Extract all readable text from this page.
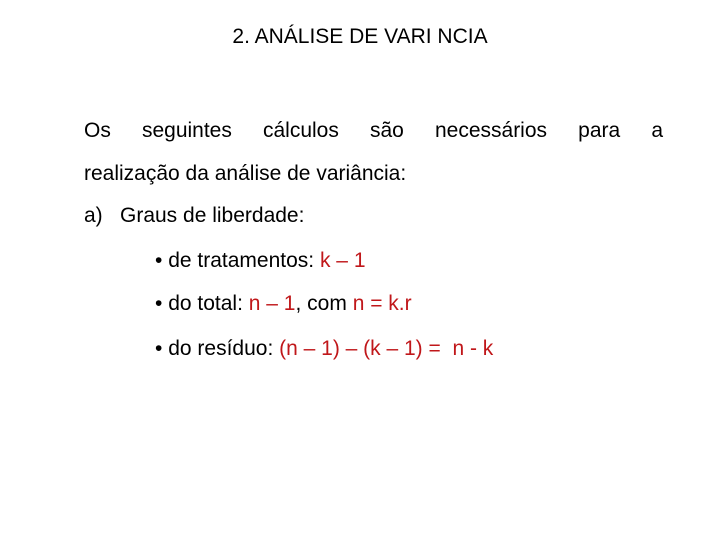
2. ANÁLISE DE VARI NCIA
Os seguintes cálculos são necessários para a
realização da análise de variância:
a) Graus de liberdade:
• de tratamentos: k – 1
• do total: n – 1, com n = k.r
• do resíduo: (n – 1) – (k – 1) =  n - k
